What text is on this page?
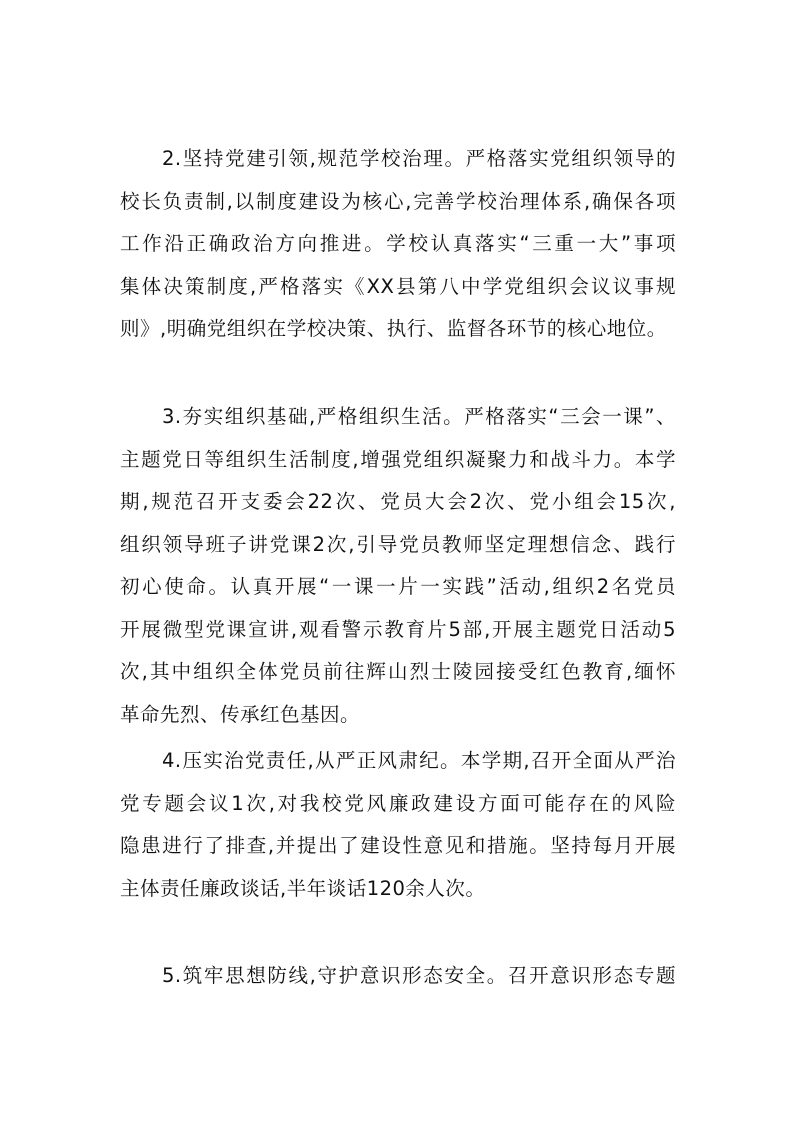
2.坚持党建引领,规范学校治理。严格落实党组织领导的
校长负责制,以制度建设为核心,完善学校治理体系,确保各项
工作沿正确政治方向推进。学校认真落实“三重一大”事项
集体决策制度,严格落实《XX县第八中学党组织会议议事规
则》,明确党组织在学校决策、执行、监督各环节的核心地位。
3.夯实组织基础,严格组织生活。严格落实“三会一课”、
主题党日等组织生活制度,增强党组织凝聚力和战斗力。本学
期,规范召开支委会22次、党员大会2次、党小组会15次,
组织领导班子讲党课2次,引导党员教师坚定理想信念、践行
初心使命。认真开展“一课一片一实践”活动,组织2名党员
开展微型党课宣讲,观看警示教育片5部,开展主题党日活动5
次,其中组织全体党员前往辉山烈士陵园接受红色教育,缅怀
革命先烈、传承红色基因。
4.压实治党责任,从严正风肃纪。本学期,召开全面从严治
党专题会议1次,对我校党风廉政建设方面可能存在的风险
隐患进行了排查,并提出了建设性意见和措施。坚持每月开展
主体责任廉政谈话,半年谈话120余人次。
5.筑牢思想防线,守护意识形态安全。召开意识形态专题
